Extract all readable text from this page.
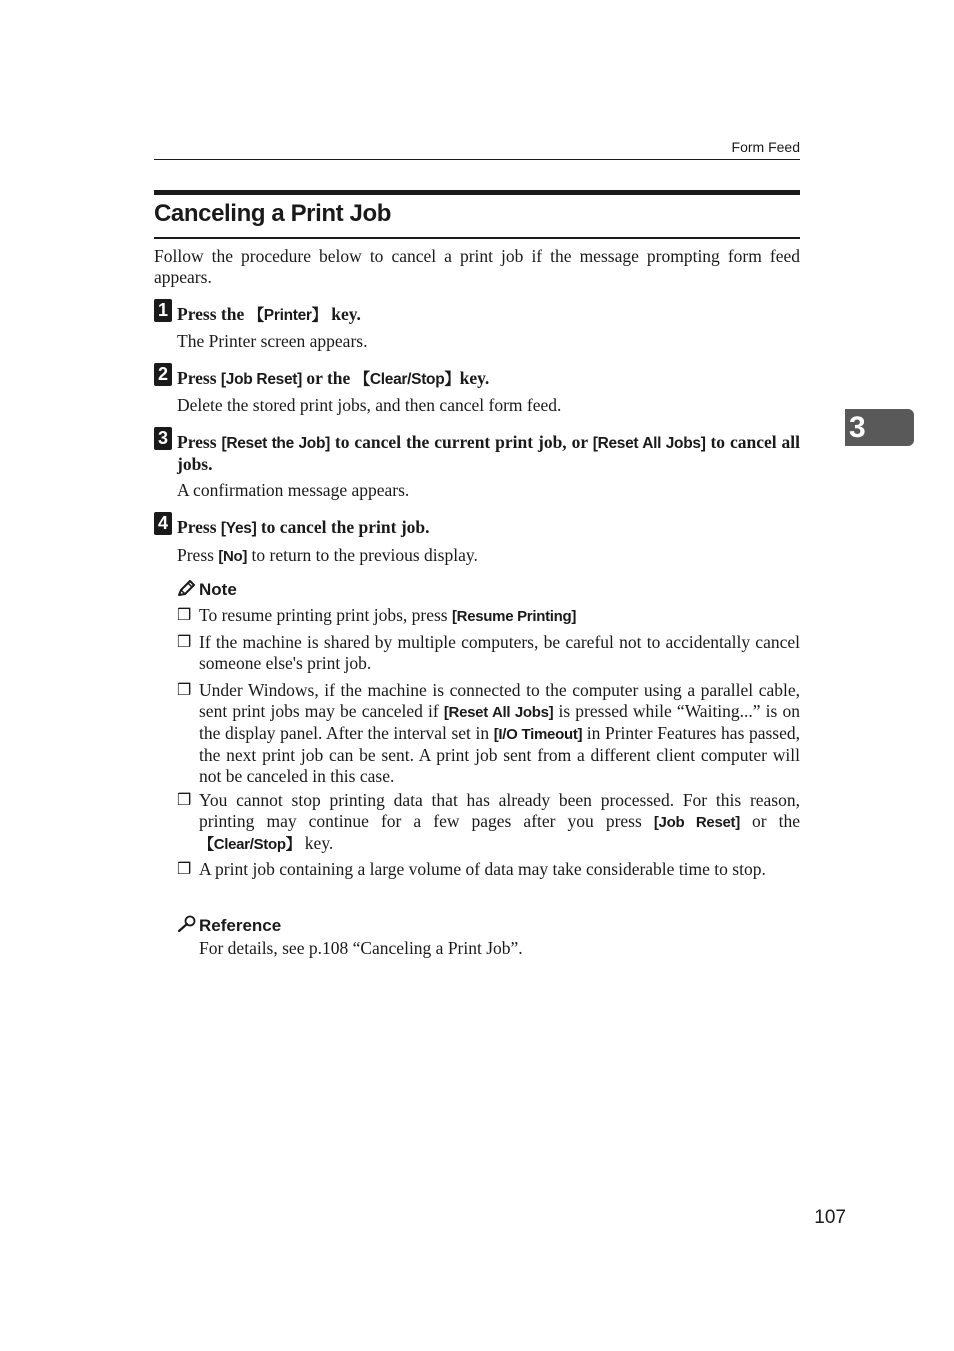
Form Feed
Canceling a Print Job
3
Follow the procedure below to cancel a print job if the message prompting form feed appears.
1 Press the 【Printer】 key.
The Printer screen appears.
2 Press [Job Reset] or the 【Clear/Stop】key.
Delete the stored print jobs, and then cancel form feed.
3 Press [Reset the Job] to cancel the current print job, or [Reset All Jobs] to cancel all jobs.
A confirmation message appears.
4 Press [Yes] to cancel the print job.
Press [No] to return to the previous display.
Note
❒ To resume printing print jobs, press [Resume Printing]
❒ If the machine is shared by multiple computers, be careful not to accidentally cancel someone else's print job.
❒ Under Windows, if the machine is connected to the computer using a parallel cable, sent print jobs may be canceled if [Reset All Jobs] is pressed while “Waiting...” is on the display panel. After the interval set in [I/O Timeout] in Printer Features has passed, the next print job can be sent. A print job sent from a different client computer will not be canceled in this case.
❒ You cannot stop printing data that has already been processed. For this reason, printing may continue for a few pages after you press [Job Reset] or the 【Clear/Stop】 key.
❒ A print job containing a large volume of data may take considerable time to stop.
Reference
For details, see p.108 “Canceling a Print Job”.
107
